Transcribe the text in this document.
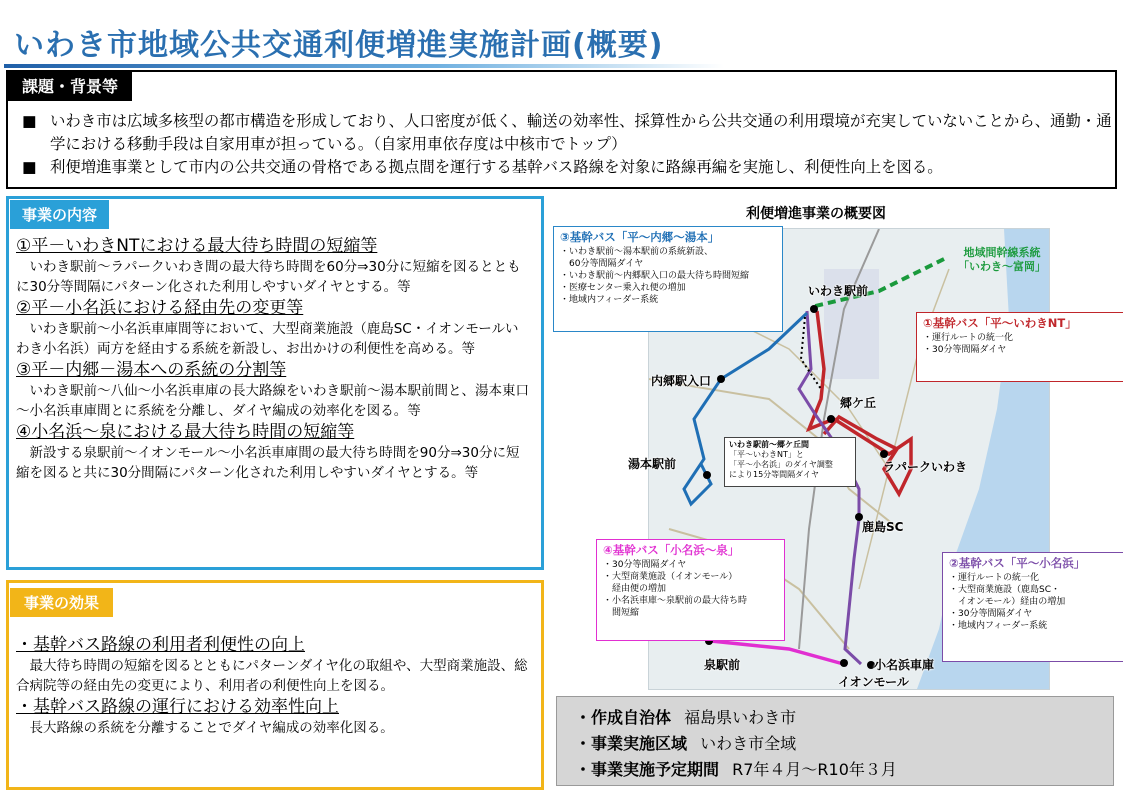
いわき市地域公共交通利便増進実施計画(概要)
課題・背景等
■ いわき市は広域多核型の都市構造を形成しており、人口密度が低く、輸送の効率性、採算性から公共交通の利用環境が充実していないことから、通勤・通学における移動手段は自家用車が担っている。（自家用車依存度は中核市でトップ）
■ 利便増進事業として市内の公共交通の骨格である拠点間を運行する基幹バス路線を対象に路線再編を実施し、利便性向上を図る。
事業の内容
①平－いわきNTにおける最大待ち時間の短縮等
いわき駅前～ラパークいわき間の最大待ち時間を60分⇒30分に短縮を図るとともに30分等間隔にパターン化された利用しやすいダイヤとする。等
②平－小名浜における経由先の変更等
いわき駅前～小名浜車庫間等において、大型商業施設（鹿島SC・イオンモールいわき小名浜）両方を経由する系統を新設し、お出かけの利便性を高める。等
③平－内郷－湯本への系統の分割等
いわき駅前～八仙～小名浜車庫の長大路線をいわき駅前～湯本駅前間と、湯本東口～小名浜車庫間とに系統を分離し、ダイヤ編成の効率化を図る。等
④小名浜～泉における最大待ち時間の短縮等
新設する泉駅前～イオンモール～小名浜車庫間の最大待ち時間を90分⇒30分に短縮を図ると共に30分間隔にパターン化された利用しやすいダイヤとする。等
事業の効果
・基幹バス路線の利用者利便性の向上
最大待ち時間の短縮を図るとともにパターンダイヤ化の取組や、大型商業施設、総合病院等の経由先の変更により、利用者の利便性向上を図る。
・基幹バス路線の運行における効率性向上
長大路線の系統を分離することでダイヤ編成の効率化図る。
利便増進事業の概要図
いわき駅前
内郷駅入口
郷ケ丘
ラパークいわき
湯本駅前
鹿島SC
泉駅前	小名浜車庫
イオンモール
地域間幹線系統
「いわき～富岡」
いわき駅前～郷ケ丘間
「平～いわきNT」と
「平～小名浜」のダイヤ調整
により15分等間隔ダイヤ
③基幹バス「平～内郷～湯本」
・いわき駅前～湯本駅前の系統新設、
　60分等間隔ダイヤ
・いわき駅前～内郷駅入口の最大待ち時間短縮
・医療センター乗入れ便の増加
・地域内フィーダー系統
①基幹バス「平～いわきNT」
・運行ルートの統一化
・30分等間隔ダイヤ
④基幹バス「小名浜～泉」
・30分等間隔ダイヤ
・大型商業施設（イオンモール）
　経由便の増加
・小名浜車庫～泉駅前の最大待ち時
　間短縮
②基幹バス「平～小名浜」
・運行ルートの統一化
・大型商業施設（鹿島SC・
　イオンモール）経由の増加
・30分等間隔ダイヤ
・地域内フィーダー系統
・作成自治体 福島県いわき市
・事業実施区域 いわき市全域
・事業実施予定期間 R7年４月～R10年３月
